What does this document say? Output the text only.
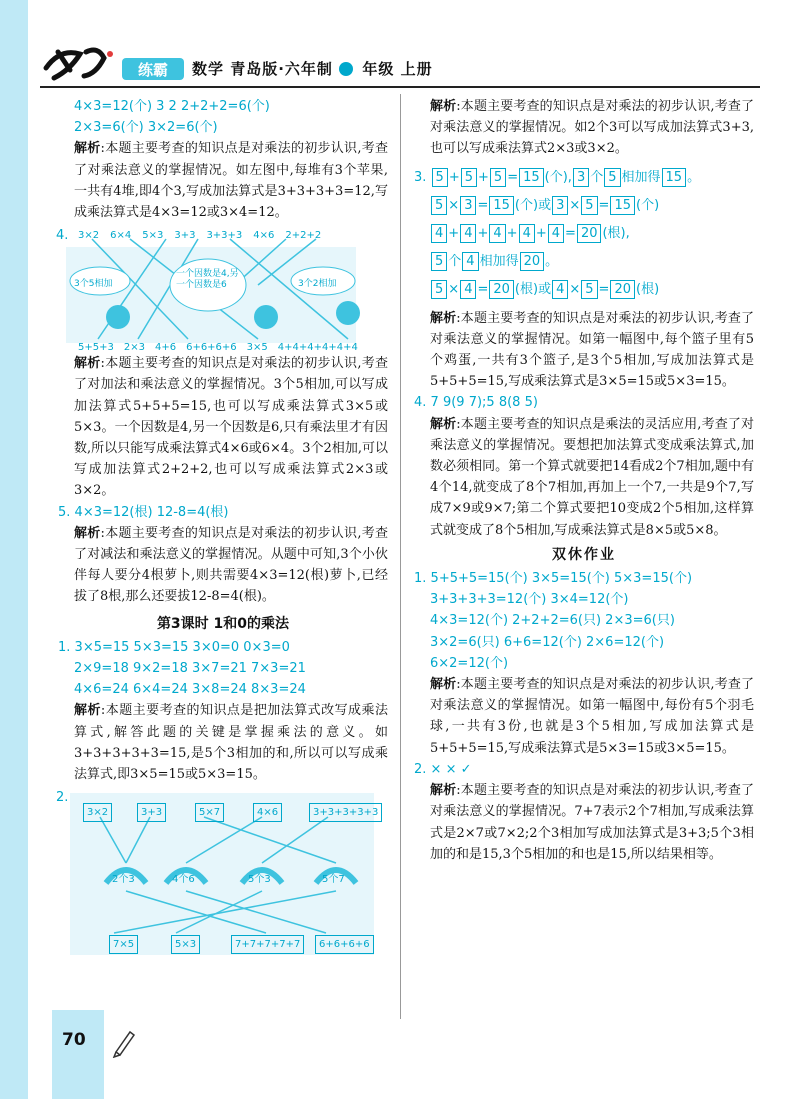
练霸 数学 青岛版·六年制  年级 上册
4×3=12(个) 3 2 2+2+2=6(个)
2×3=6(个) 3×2=6(个)
解析:本题主要考查的知识点是对乘法的初步认识,考查了对乘法意义的掌握情况。如左图中,每堆有3个苹果,一共有4堆,即4个3,写成加法算式是3+3+3+3=12,写成乘法算式是4×3=12或3×4=12。
4. 3×2 6×4 5×3 3+3 3+3+3 4×6 2+2+2
3个5相加
一个因数是4,另一个因数是6	3个2相加
5+5+3 2×3 4+6 6+6+6+6 3×5 4+4+4+4+4+4
解析:本题主要考查的知识点是对乘法的初步认识,考查了对加法和乘法意义的掌握情况。3个5相加,可以写成加法算式5+5+5=15,也可以写成乘法算式3×5或5×3。一个因数是4,另一个因数是6,只有乘法里才有因数,所以只能写成乘法算式4×6或6×4。3个2相加,可以写成加法算式2+2+2,也可以写成乘法算式2×3或3×2。
5. 4×3=12(根) 12-8=4(根)
解析:本题主要考查的知识点是对乘法的初步认识,考查了对减法和乘法意义的掌握情况。从题中可知,3个小伙伴每人要分4根萝卜,则共需要4×3=12(根)萝卜,已经拔了8根,那么还要拔12-8=4(根)。
第3课时 1和0的乘法
1. 3×5=15 5×3=15 3×0=0 0×3=0
2×9=18 9×2=18 3×7=21 7×3=21
4×6=24 6×4=24 3×8=24 8×3=24
解析:本题主要考查的知识点是把加法算式改写成乘法算式,解答此题的关键是掌握乘法的意义。如3+3+3+3+3=15,是5个3相加的和,所以可以写成乘法算式,即3×5=15或5×3=15。
2.
3×2	3+3	5×7	4×6	3+3+3+3+3
2个3	4个6	5个3	5个7
7×5	5×3	7+7+7+7+7	6+6+6+6
解析:本题主要考查的知识点是对乘法的初步认识,考查了对乘法意义的掌握情况。如2个3可以写成加法算式3+3,也可以写成乘法算式2×3或3×2。
3. 5 + 5 + 5 = 15 (个), 3 个 5 相加得 15 。
5 × 3 = 15 (个)或 3 × 5 = 15 (个)
4 + 4 + 4 + 4 + 4 = 20 (根),
5 个 4 相加得 20 。
5 × 4 = 20 (根)或 4 × 5 = 20 (根)
解析:本题主要考查的知识点是对乘法的初步认识,考查了对乘法意义的掌握情况。如第一幅图中,每个篮子里有5个鸡蛋,一共有3个篮子,是3个5相加,写成加法算式是5+5+5=15,写成乘法算式是3×5=15或5×3=15。
4. 7 9(9 7);5 8(8 5)
解析:本题主要考查的知识点是乘法的灵活应用,考查了对乘法意义的掌握情况。要想把加法算式变成乘法算式,加数必须相同。第一个算式就要把14看成2个7相加,题中有4个14,就变成了8个7相加,再加上一个7,一共是9个7,写成7×9或9×7;第二个算式要把10变成2个5相加,这样算式就变成了8个5相加,写成乘法算式是8×5或5×8。
双休作业
1. 5+5+5=15(个) 3×5=15(个) 5×3=15(个)
3+3+3+3=12(个) 3×4=12(个)
4×3=12(个) 2+2+2=6(只) 2×3=6(只)
3×2=6(只) 6+6=12(个) 2×6=12(个)
6×2=12(个)
解析:本题主要考查的知识点是对乘法的初步认识,考查了对乘法意义的掌握情况。如第一幅图中,每份有5个羽毛球,一共有3份,也就是3个5相加,写成加法算式是5+5+5=15,写成乘法算式是5×3=15或3×5=15。
2. × × ✓
解析:本题主要考查的知识点是对乘法的初步认识,考查了对乘法意义的掌握情况。7+7表示2个7相加,写成乘法算式是2×7或7×2;2个3相加写成加法算式是3+3;5个3相加的和是15,3个5相加的和也是15,所以结果相等。
70
